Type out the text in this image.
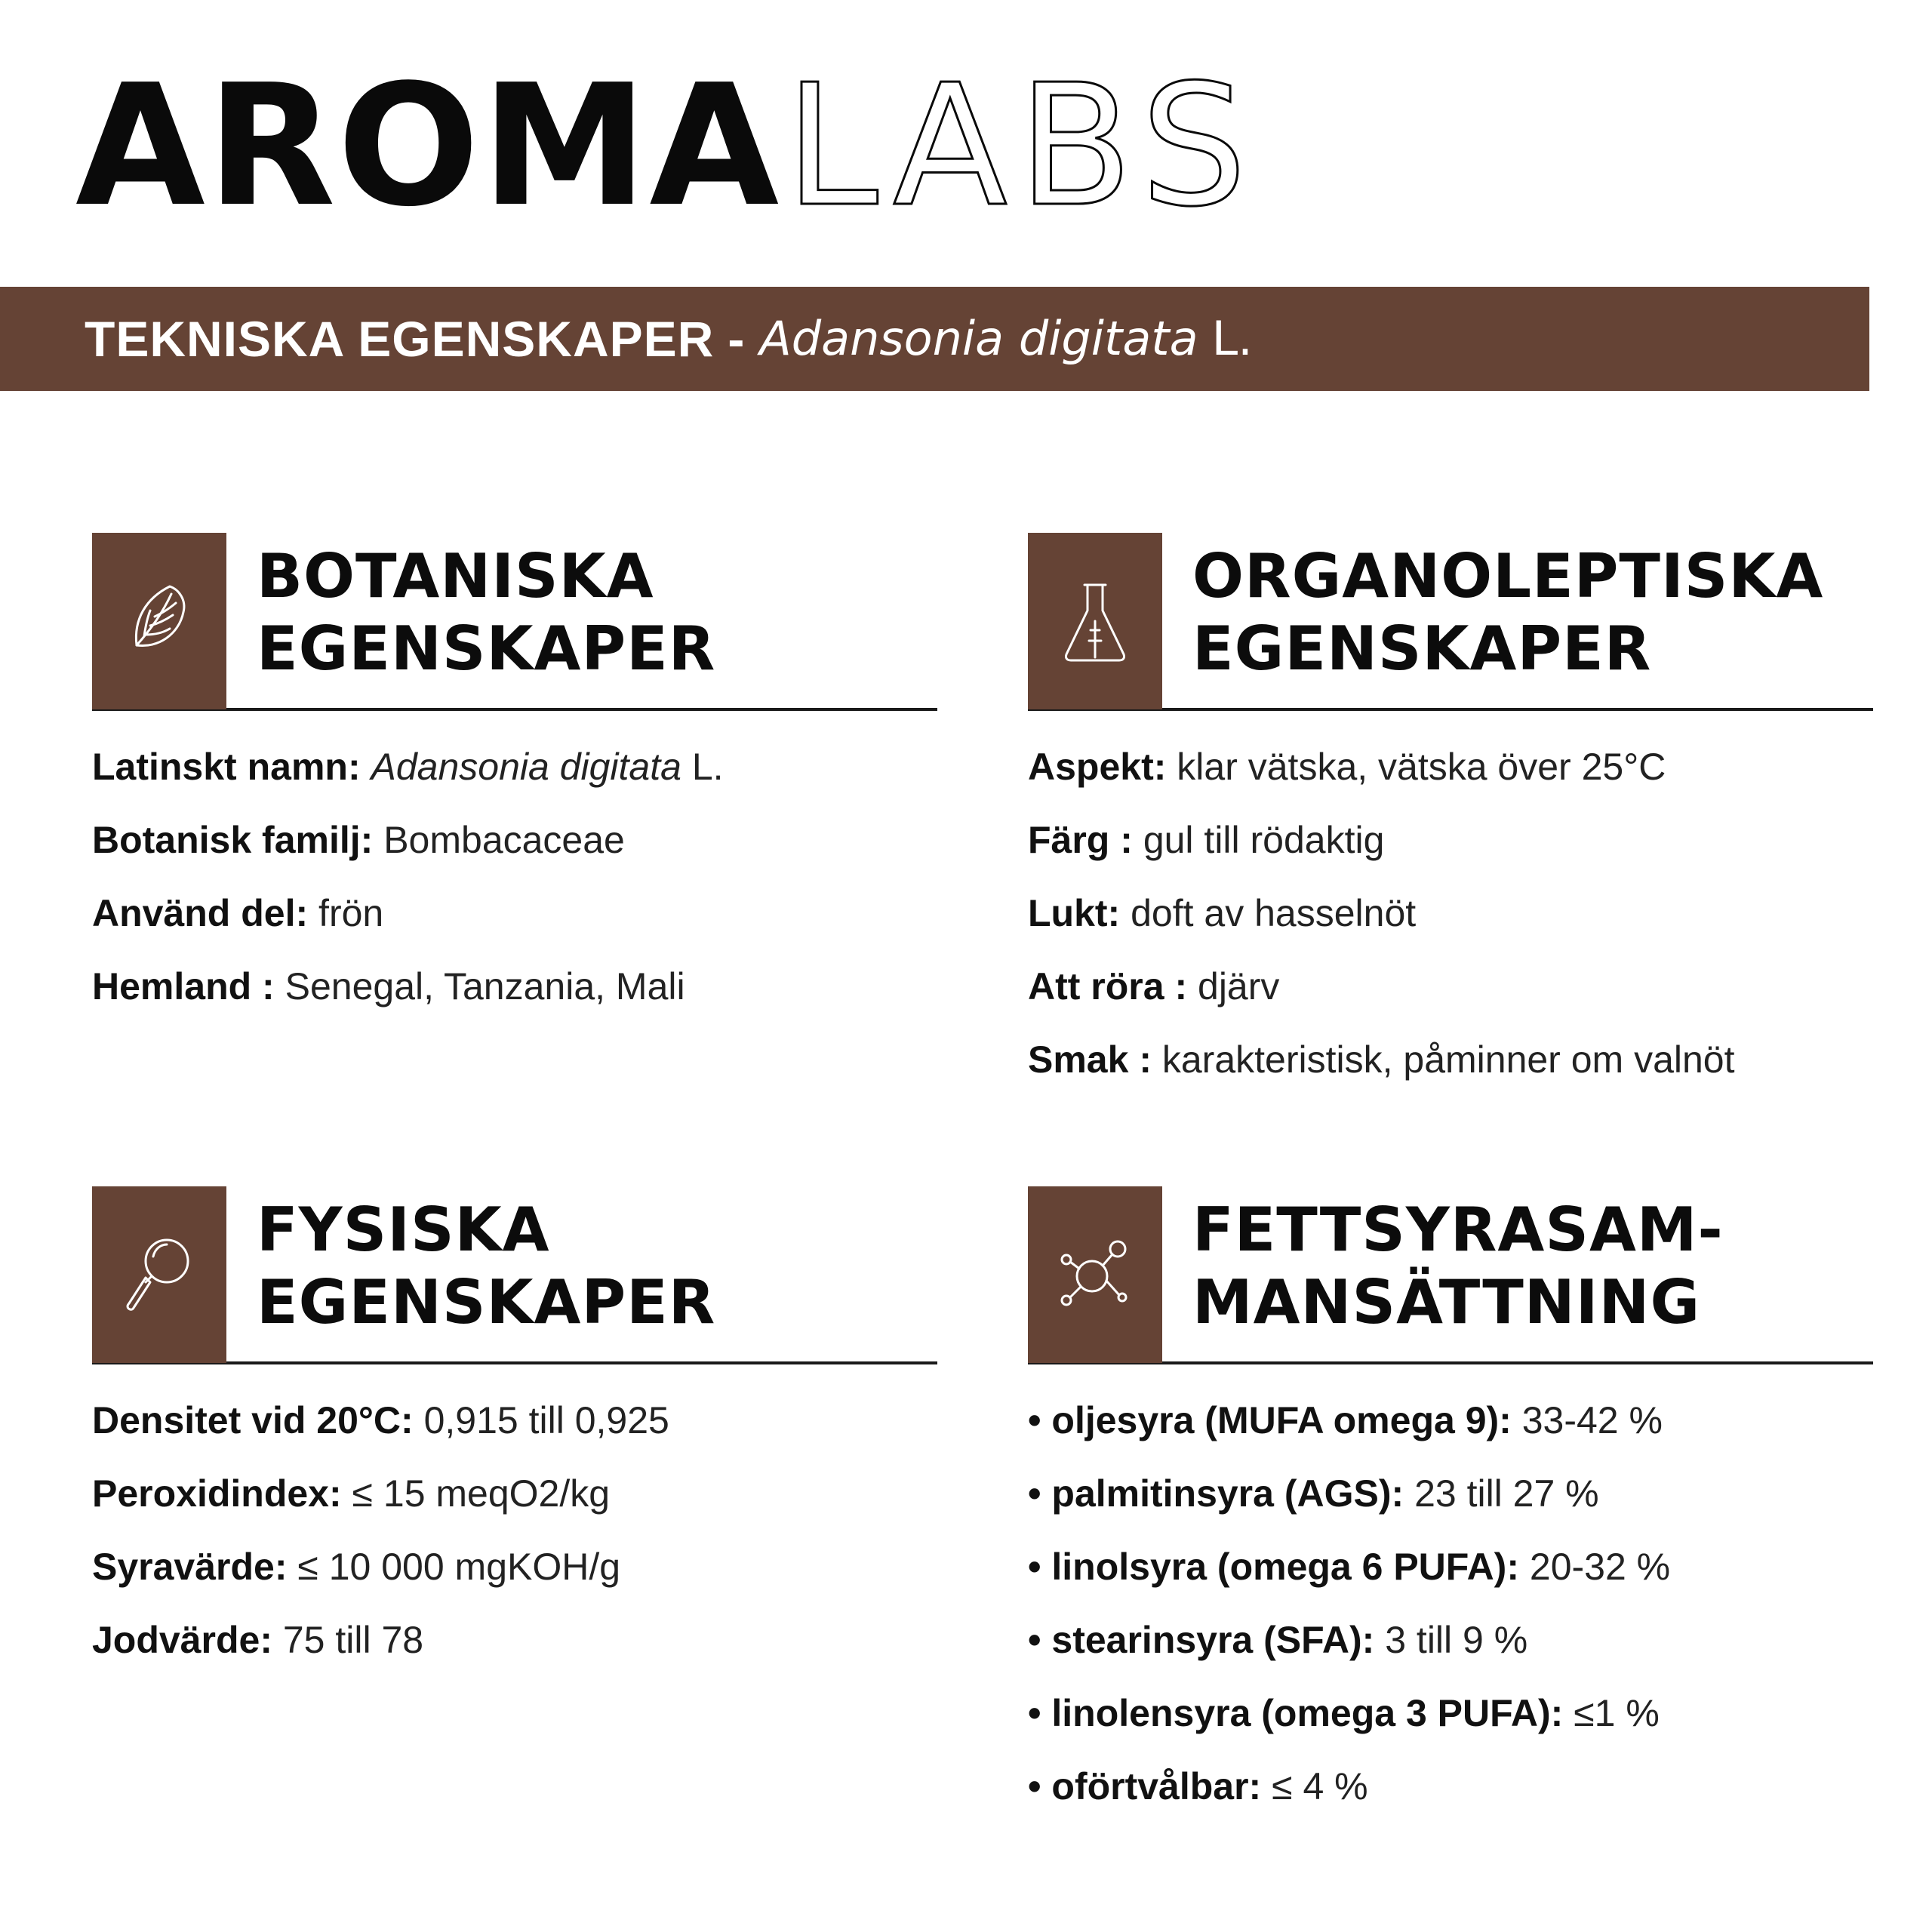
AROMA LABS
TEKNISKA EGENSKAPER - Adansonia digitata L.
BOTANISKA
EGENSKAPER
Latinskt namn: Adansonia digitata L.
Botanisk familj: Bombacaceae
Använd del: frön
Hemland : Senegal, Tanzania, Mali
ORGANOLEPTISKA
EGENSKAPER
Aspekt: klar vätska, vätska över 25°C
Färg : gul till rödaktig
Lukt: doft av hasselnöt
Att röra : djärv
Smak : karakteristisk, påminner om valnöt
FYSISKA
EGENSKAPER
Densitet vid 20°C: 0,915 till 0,925
Peroxidindex: ≤ 15 meqO2/kg
Syravärde: ≤ 10 000 mgKOH/g
Jodvärde: 75 till 78
FETTSYRASAM-
MANSÄTTNING
• oljesyra (MUFA omega 9): 33-42 %
• palmitinsyra (AGS): 23 till 27 %
• linolsyra (omega 6 PUFA): 20-32 %
• stearinsyra (SFA): 3 till 9 %
• linolensyra (omega 3 PUFA): ≤1 %
• oförtvålbar: ≤ 4 %
